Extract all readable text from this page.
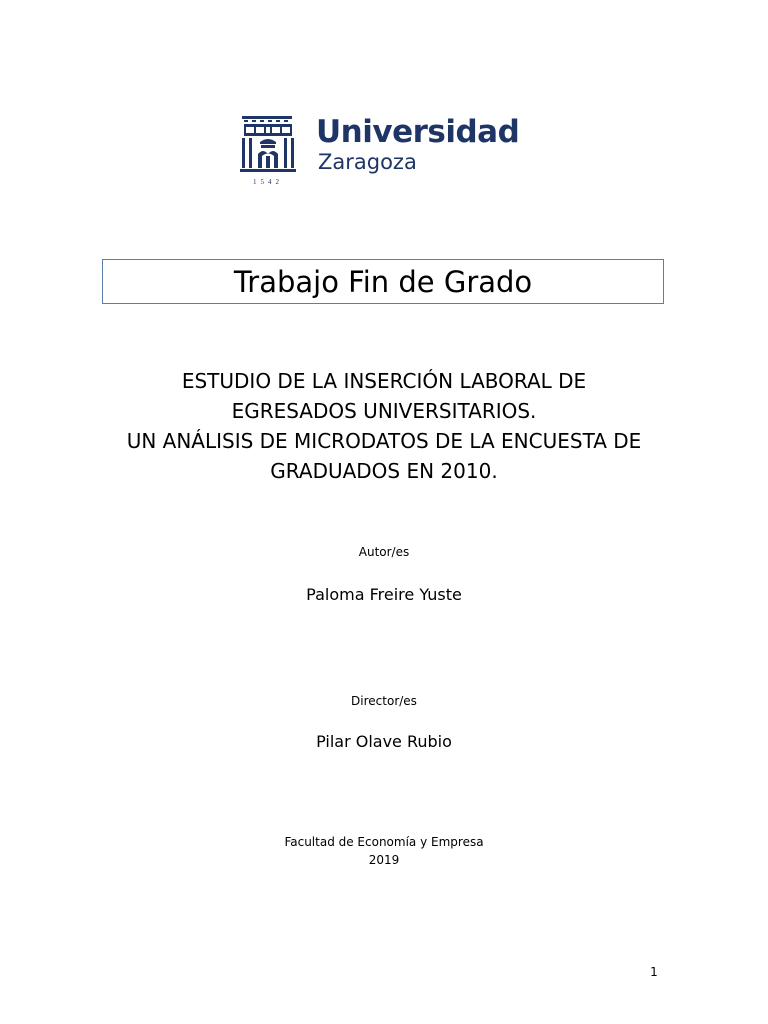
1542
Universidad
Zaragoza
Trabajo Fin de Grado
ESTUDIO DE LA INSERCIÓN LABORAL DE
EGRESADOS UNIVERSITARIOS.
UN ANÁLISIS DE MICRODATOS DE LA ENCUESTA DE
GRADUADOS EN 2010.
Autor/es
Paloma Freire Yuste
Director/es
Pilar Olave Rubio
Facultad de Economía y Empresa
2019
1
